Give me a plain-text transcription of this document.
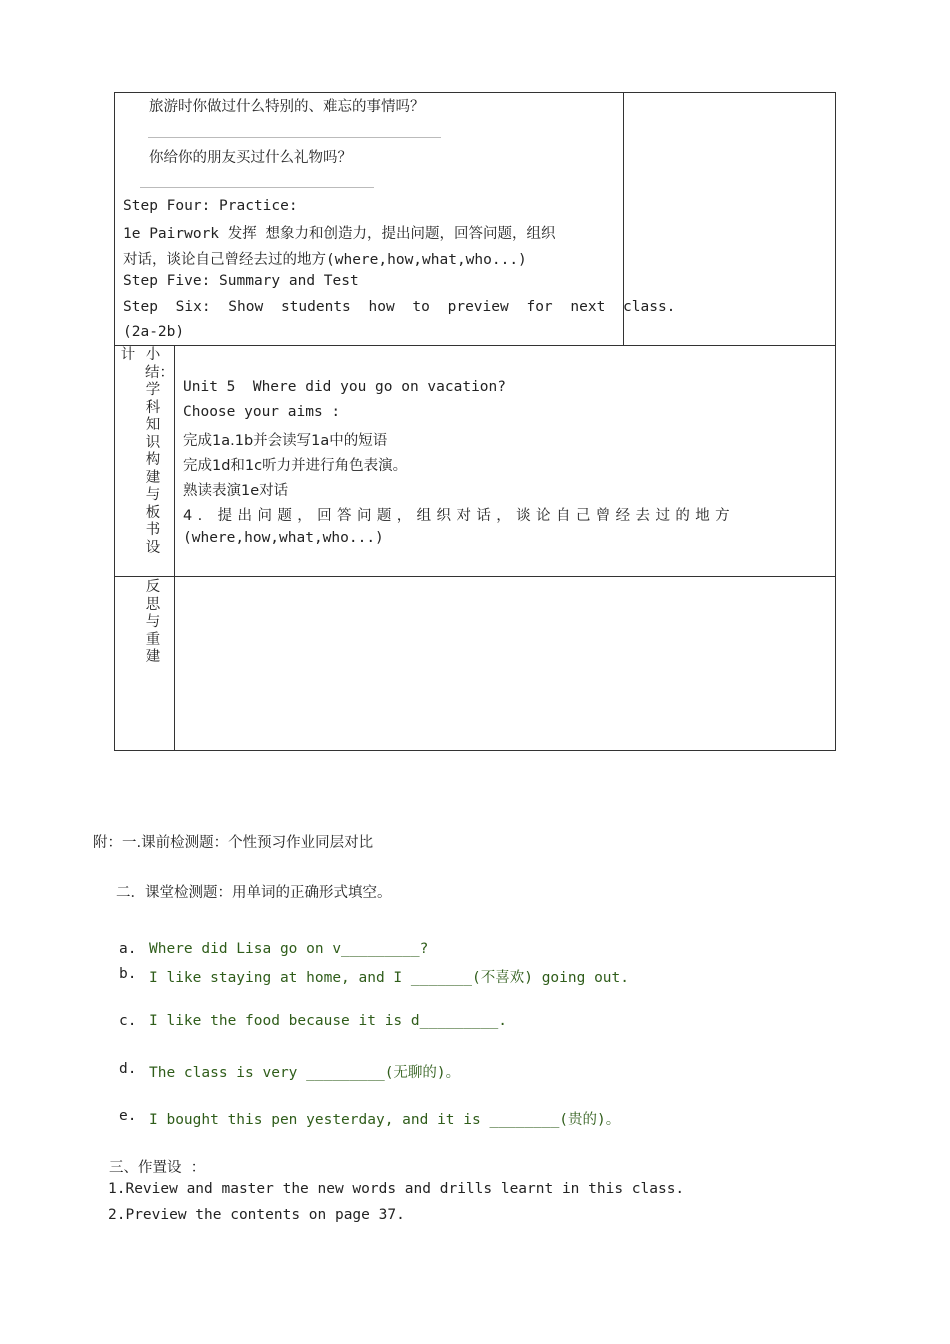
旅游时你做过什么特别的、难忘的事情吗？
你给你的朋友买过什么礼物吗？
Step Four: Practice:
1e Pairwork 发挥 想象力和创造力，提出问题，回答问题，组织
对话，谈论自己曾经去过的地方(where,how,what,who...)
Step Five: Summary and Test
Step Six: Show students how to preview for next class.
(2a-2b)
计 小结：学科知识构建与板书设
Unit 5  Where did you go on vacation?
Choose your aims :
完成1a.1b并会读写1a中的短语
完成1d和1c听力并进行角色表演。
熟读表演1e对话
4. 提出问题，回答问题，组织对话，谈论自己曾经去过的地方
(where,how,what,who...)
反思与重建
附：一.课前检测题：个性预习作业同层对比
二．课堂检测题：用单词的正确形式填空。
a. Where did Lisa go on v_________?
b. I like staying at home, and I _______(不喜欢) going out.
c. I like the food because it is d_________.
d. The class is very _________(无聊的)。
e. I bought this pen yesterday, and it is ________(贵的)。
三、作置设  ：
1.Review and master the new words and drills learnt in this class.
2.Preview the contents on page 37.
